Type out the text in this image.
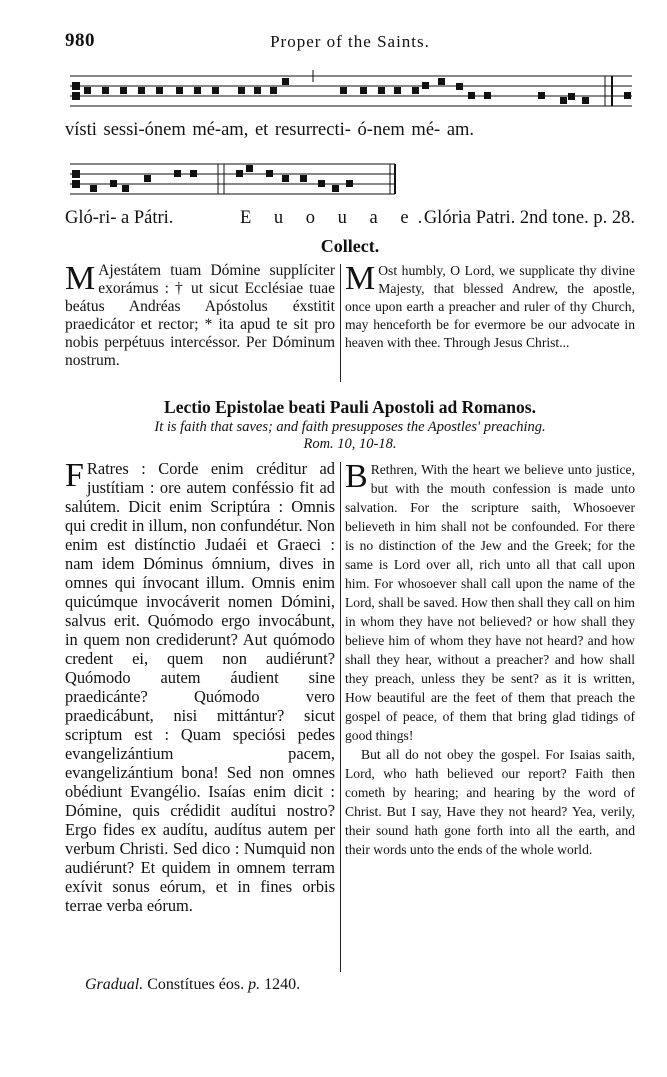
980	Proper of the Saints.
vísti sessi-ónem mé-am, et resurrecti- ó-nem mé- am.
Gló-ri- a Pátri.	E u o u a e.
Glória Patri. 2nd tone. p. 28.
Collect.
M Ajestátem tuam Dómine supplíciter exorámus : † ut sicut Ecclésiae tuae beátus Andréas Apóstolus éxstitit praedicátor et rector; * ita apud te sit pro nobis perpétuus intercéssor. Per Dóminum nostrum.
M Ost humbly, O Lord, we supplicate thy divine Majesty, that blessed Andrew, the apostle, once upon earth a preacher and ruler of thy Church, may henceforth be for evermore be our advocate in heaven with thee. Through Jesus Christ...
Lectio Epistolae beati Pauli Apostoli ad Romanos.
It is faith that saves; and faith presupposes the Apostles' preaching.
Rom. 10, 10-18.
F Ratres : Corde enim créditur ad justítiam : ore autem conféssio fit ad salútem. Dicit enim Scriptúra : Omnis qui credit in illum, non confundétur. Non enim est distínctio Judaéi et Graeci : nam idem Dóminus ómnium, dives in omnes qui ínvocant illum. Omnis enim quicúmque invocáverit nomen Dómini, salvus erit. Quómodo ergo invocábunt, in quem non crediderunt? Aut quómodo credent ei, quem non audiérunt? Quómodo autem áudient sine praedicánte? Quómodo vero praedicábunt, nisi mittántur? sicut scriptum est : Quam speciósi pedes evangelizántium pacem, evangelizántium bona! Sed non omnes obédiunt Evangélio. Isaías enim dicit : Dómine, quis crédidit audítui nostro? Ergo fides ex audítu, audítus autem per verbum Christi. Sed dico : Numquid non audiérunt? Et quidem in omnem terram exívit sonus eórum, et in fines orbis terrae verba eórum.

B Rethren, With the heart we believe unto justice, but with the mouth confession is made unto salvation. For the scripture saith, Whosoever believeth in him shall not be confounded. For there is no distinction of the Jew and the Greek; for the same is Lord over all, rich unto all that call upon him. For whosoever shall call upon the name of the Lord, shall be saved. How then shall they call on him in whom they have not believed? or how shall they believe him of whom they have not heard? and how shall they hear, without a preacher? and how shall they preach, unless they be sent? as it is written, How beautiful are the feet of them that preach the gospel of peace, of them that bring glad tidings of good things!

But all do not obey the gospel. For Isaias saith, Lord, who hath believed our report? Faith then cometh by hearing; and hearing by the word of Christ. But I say, Have they not heard? Yea, verily, their sound hath gone forth into all the earth, and their words unto the ends of the whole world.

Gradual. Constítues éos. p. 1240.
